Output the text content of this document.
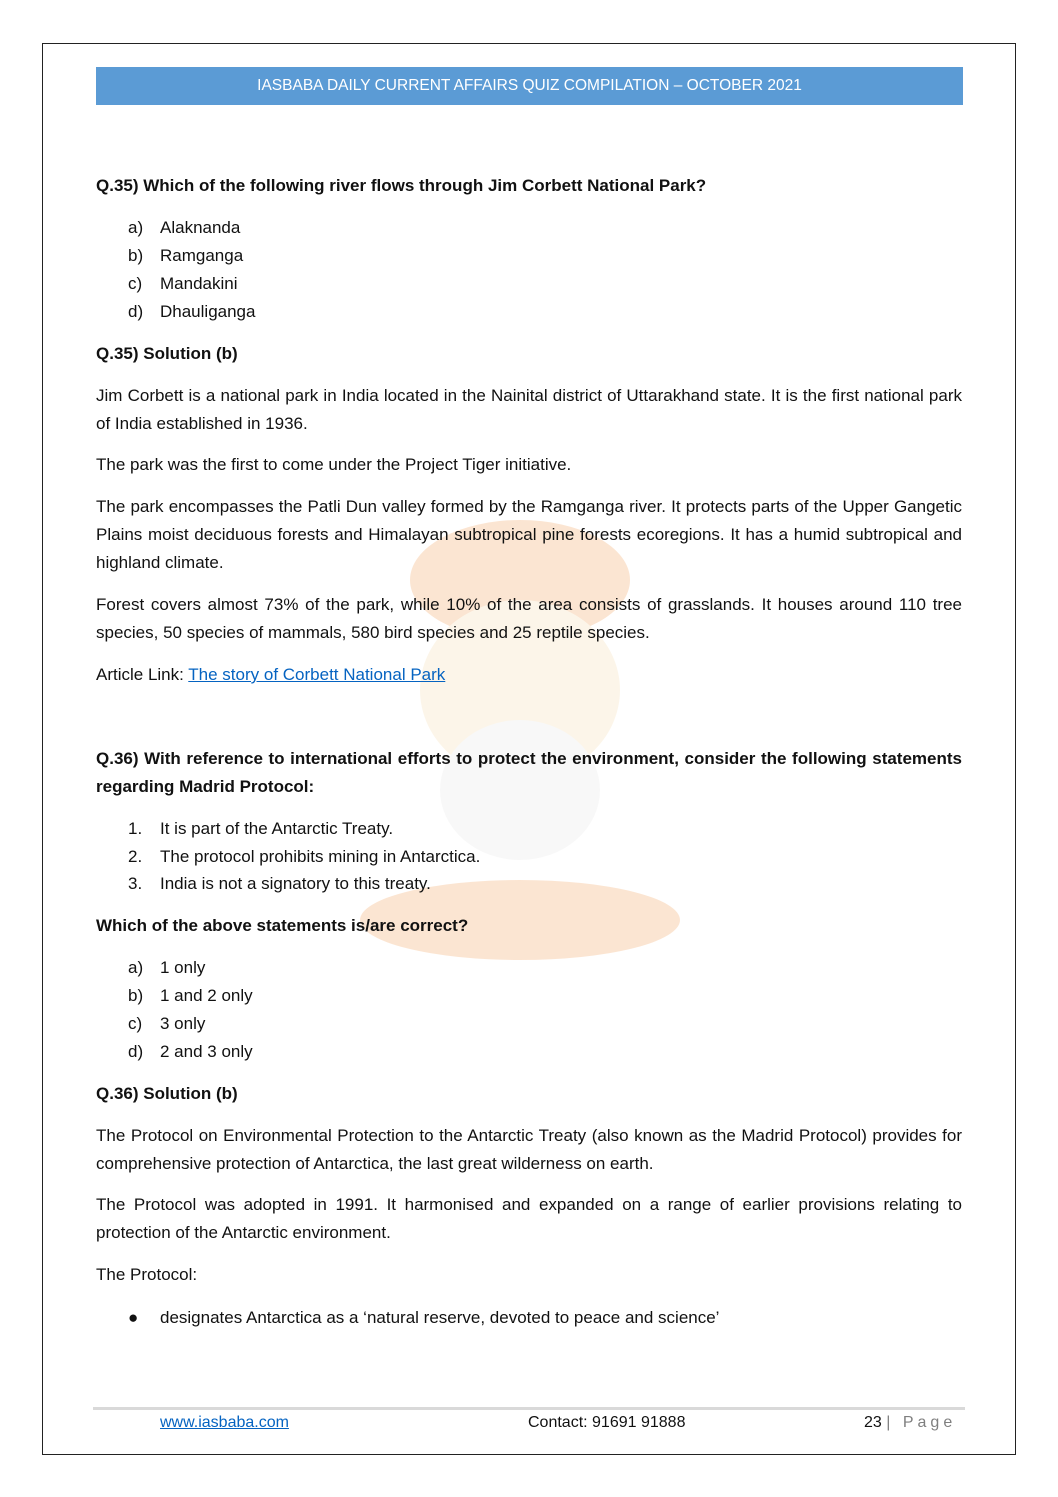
IASBABA DAILY CURRENT AFFAIRS QUIZ COMPILATION – OCTOBER 2021
Q.35) Which of the following river flows through Jim Corbett National Park?
a) Alaknanda
b) Ramganga
c) Mandakini
d) Dhauliganga
Q.35) Solution (b)
Jim Corbett is a national park in India located in the Nainital district of Uttarakhand state. It is the first national park of India established in 1936.
The park was the first to come under the Project Tiger initiative.
The park encompasses the Patli Dun valley formed by the Ramganga river. It protects parts of the Upper Gangetic Plains moist deciduous forests and Himalayan subtropical pine forests ecoregions. It has a humid subtropical and highland climate.
Forest covers almost 73% of the park, while 10% of the area consists of grasslands. It houses around 110 tree species, 50 species of mammals, 580 bird species and 25 reptile species.
Article Link: The story of Corbett National Park
Q.36) With reference to international efforts to protect the environment, consider the following statements regarding Madrid Protocol:
1. It is part of the Antarctic Treaty.
2. The protocol prohibits mining in Antarctica.
3. India is not a signatory to this treaty.
Which of the above statements is/are correct?
a) 1 only
b) 1 and 2 only
c) 3 only
d) 2 and 3 only
Q.36) Solution (b)
The Protocol on Environmental Protection to the Antarctic Treaty (also known as the Madrid Protocol) provides for comprehensive protection of Antarctica, the last great wilderness on earth.
The Protocol was adopted in 1991. It harmonised and expanded on a range of earlier provisions relating to protection of the Antarctic environment.
The Protocol:
● designates Antarctica as a ‘natural reserve, devoted to peace and science’
www.iasbaba.com	Contact: 91691 91888	23 | Page
